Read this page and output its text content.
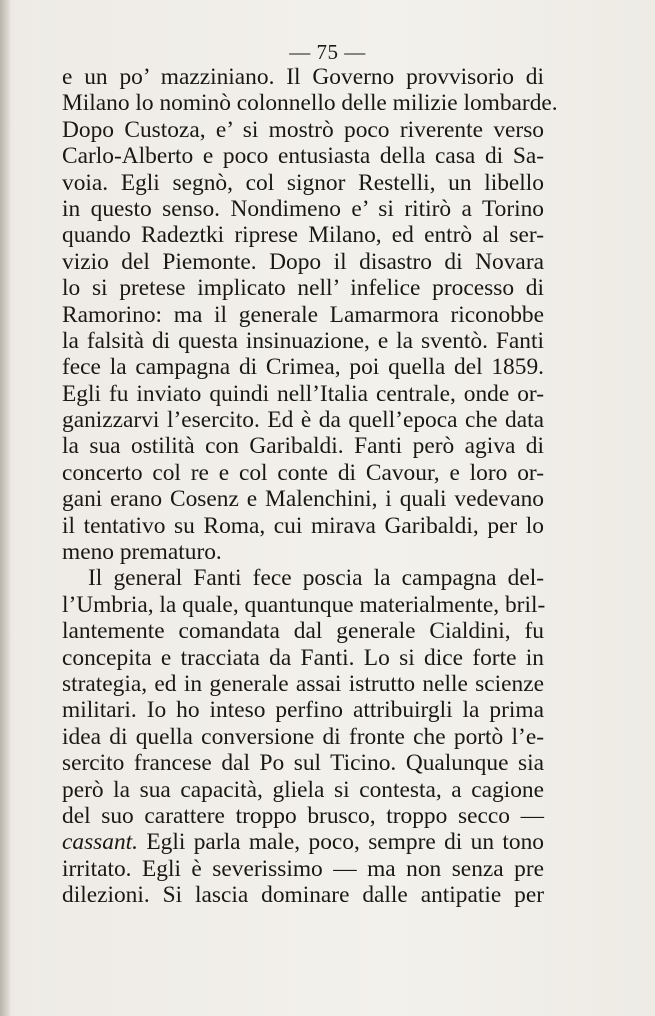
— 75 —
e un po’ mazziniano. Il Governo provvisorio di
Milano lo nominò colonnello delle milizie lombarde.
Dopo Custoza, e’ si mostrò poco riverente verso
Carlo-Alberto e poco entusiasta della casa di Sa-
voia. Egli segnò, col signor Restelli, un libello
in questo senso. Nondimeno e’ si ritirò a Torino
quando Radeztki riprese Milano, ed entrò al ser-
vizio del Piemonte. Dopo il disastro di Novara
lo si pretese implicato nell’ infelice processo di
Ramorino: ma il generale Lamarmora riconobbe
la falsità di questa insinuazione, e la sventò. Fanti
fece la campagna di Crimea, poi quella del 1859.
Egli fu inviato quindi nell’Italia centrale, onde or-
ganizzarvi l’esercito. Ed è da quell’epoca che data
la sua ostilità con Garibaldi. Fanti però agiva di
concerto col re e col conte di Cavour, e loro or-
gani erano Cosenz e Malenchini, i quali vedevano
il tentativo su Roma, cui mirava Garibaldi, per lo
meno prematuro.
Il general Fanti fece poscia la campagna del-
l’Umbria, la quale, quantunque materialmente, bril-
lantemente comandata dal generale Cialdini, fu
concepita e tracciata da Fanti. Lo si dice forte in
strategia, ed in generale assai istrutto nelle scienze
militari. Io ho inteso perfino attribuirgli la prima
idea di quella conversione di fronte che portò l’e-
sercito francese dal Po sul Ticino. Qualunque sia
però la sua capacità, gliela si contesta, a cagione
del suo carattere troppo brusco, troppo secco —
cassant. Egli parla male, poco, sempre di un tono
irritato. Egli è severissimo — ma non senza pre
dilezioni. Si lascia dominare dalle antipatie per
